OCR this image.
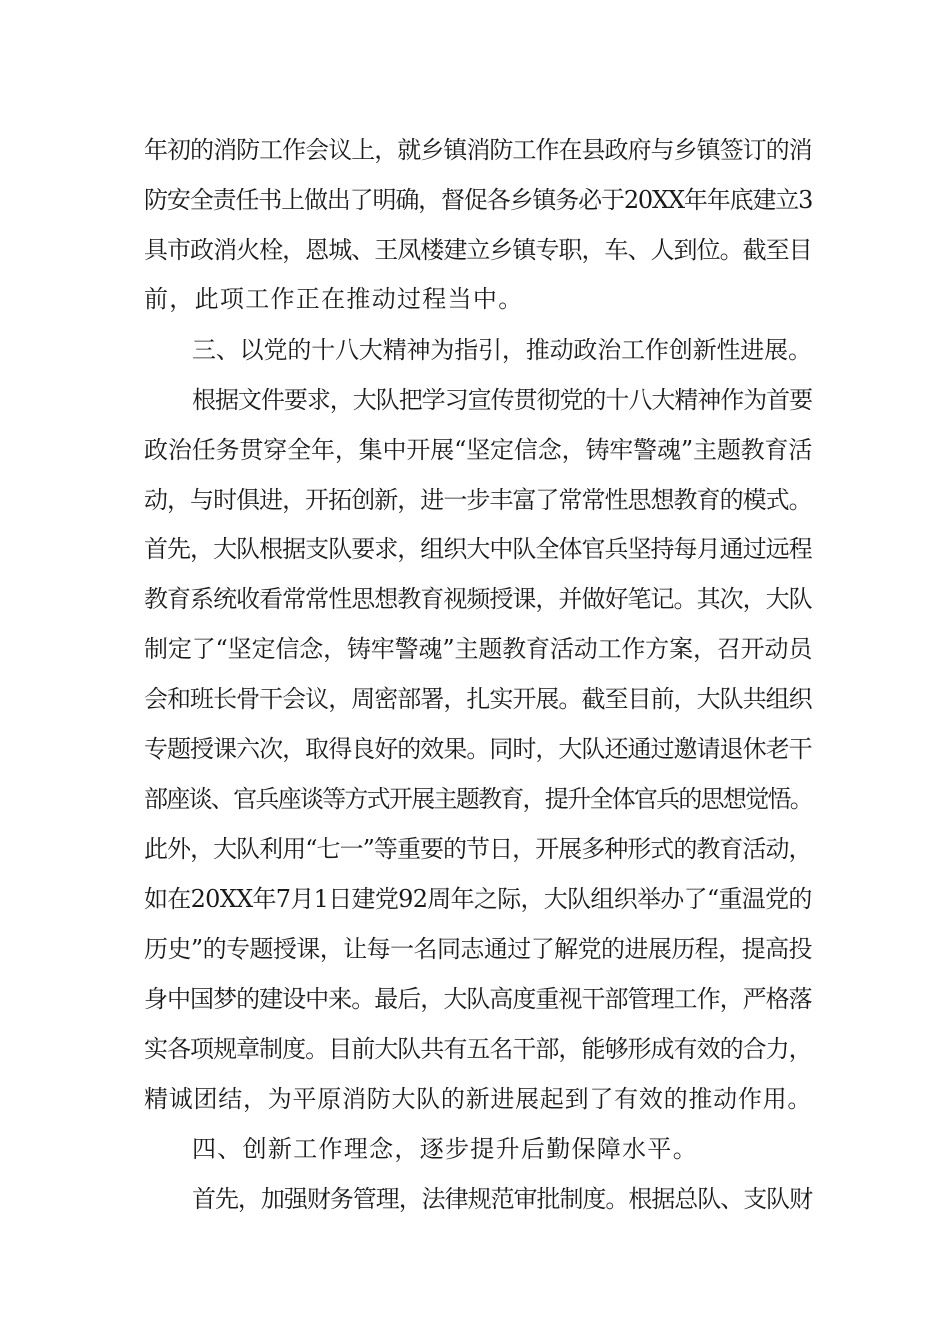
年初的消防工作会议上，就乡镇消防工作在县政府与乡镇签订的消
防安全责任书上做出了明确，督促各乡镇务必于20XX年年底建立3
具市政消火栓，恩城、王凤楼建立乡镇专职，车、人到位。截至目
前，此项工作正在推动过程当中。
三、以党的十八大精神为指引，推动政治工作创新性进展。
根据文件要求，大队把学习宣传贯彻党的十八大精神作为首要
政治任务贯穿全年，集中开展“坚定信念，铸牢警魂”主题教育活
动，与时俱进，开拓创新，进一步丰富了常常性思想教育的模式。
首先，大队根据支队要求，组织大中队全体官兵坚持每月通过远程
教育系统收看常常性思想教育视频授课，并做好笔记。其次，大队
制定了“坚定信念，铸牢警魂”主题教育活动工作方案，召开动员
会和班长骨干会议，周密部署，扎实开展。截至目前，大队共组织
专题授课六次，取得良好的效果。同时，大队还通过邀请退休老干
部座谈、官兵座谈等方式开展主题教育，提升全体官兵的思想觉悟。
此外，大队利用“七一”等重要的节日，开展多种形式的教育活动，
如在20XX年7月1日建党92周年之际，大队组织举办了“重温党的
历史”的专题授课，让每一名同志通过了解党的进展历程，提高投
身中国梦的建设中来。最后，大队高度重视干部管理工作，严格落
实各项规章制度。目前大队共有五名干部，能够形成有效的合力，
精诚团结，为平原消防大队的新进展起到了有效的推动作用。
四、创新工作理念，逐步提升后勤保障水平。
首先，加强财务管理，法律规范审批制度。根据总队、支队财
